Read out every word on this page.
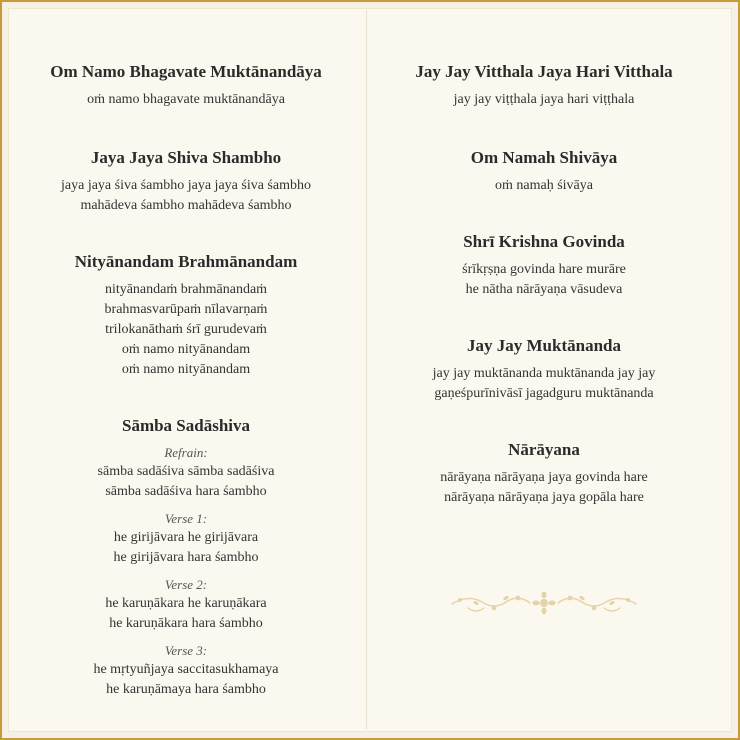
Om Namo Bhagavate Muktānandāya
oṁ namo bhagavate muktānandāya
Jaya Jaya Shiva Shambho
jaya jaya śiva śambho jaya jaya śiva śambho
mahādeva śambho mahādeva śambho
Nityānandam Brahmānandam
nityānandaṁ brahmānandaṁ
brahmasvarūpaṁ nīlavarṇaṁ
trilokanāthaṁ śrī gurudevaṁ
oṁ namo nityānandam
oṁ namo nityānandam
Sāmba Sadāshiva
Refrain:
sāmba sadāśiva sāmba sadāśiva
sāmba sadāśiva hara śambho
Verse 1:
he girijāvara he girijāvara
he girijāvara hara śambho
Verse 2:
he karuṇākara he karuṇākara
he karuṇākara hara śambho
Verse 3:
he mṛtyuñjaya saccitasukhamaya
he karuṇāmaya hara śambho
Jay Jay Vitthala Jaya Hari Vitthala
jay jay viṭṭhala jaya hari viṭṭhala
Om Namah Shivāya
oṁ namaḥ śivāya
Shrī Krishna Govinda
śrīkṛṣṇa govinda hare murāre
he nātha nārāyaṇa vāsudeva
Jay Jay Muktānanda
jay jay muktānanda muktānanda jay jay
gaṇeśpurīnivāsī jagadguru muktānanda
Nārāyana
nārāyaṇa nārāyaṇa jaya govinda hare
nārāyaṇa nārāyaṇa jaya gopāla hare
